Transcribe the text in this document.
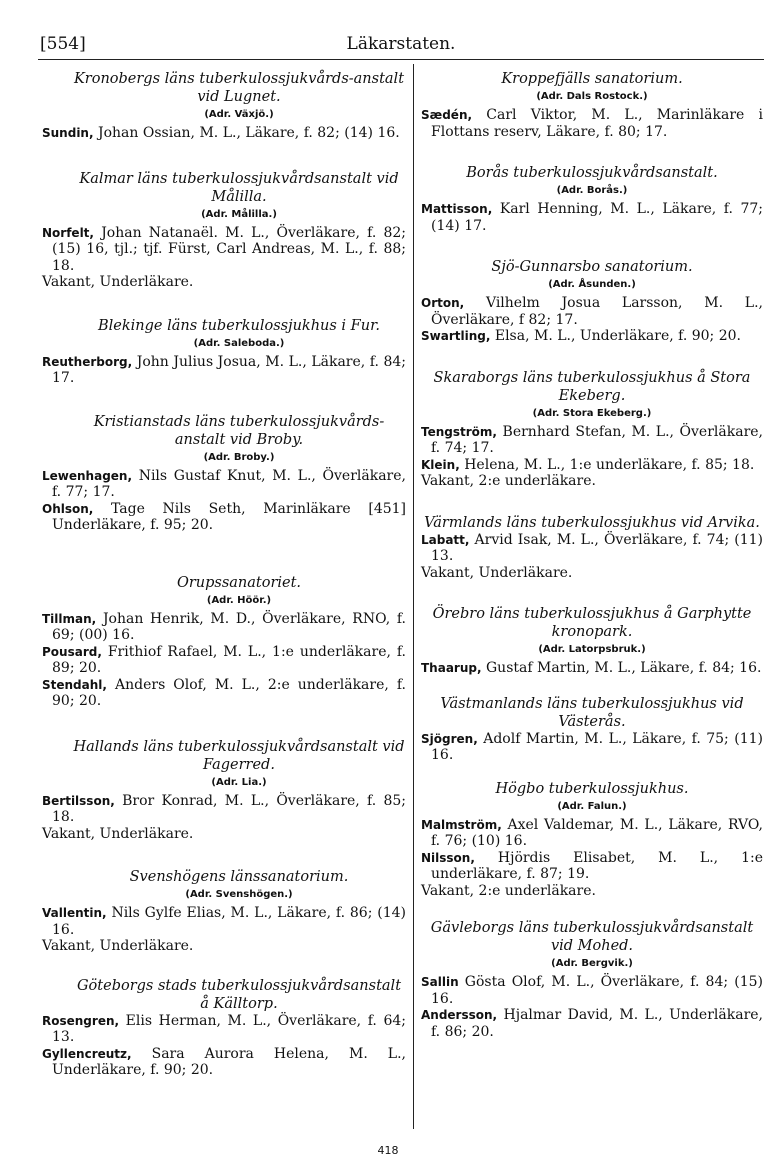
[554]	Läkarstaten.

Kronobergs läns tuberkulossjukvårds-anstalt vid Lugnet.

(Adr. Växjö.)

Sundin, Johan Ossian, M. L., Läkare, f. 82; (14) 16.

Kalmar läns tuberkulossjukvårdsanstalt vid Målilla.

(Adr. Målilla.)

Norfelt, Johan Natanaël. M. L., Överläkare, f. 82; (15) 16, tjl.; tjf. Fürst, Carl Andreas, M. L., f. 88; 18.

Vakant, Underläkare.

Blekinge läns tuberkulossjukhus i Fur.

(Adr. Saleboda.)

Reutherborg, John Julius Josua, M. L., Läkare, f. 84; 17.

Kristianstads läns tuberkulossjukvårds-anstalt vid Broby.

(Adr. Broby.)

Lewenhagen, Nils Gustaf Knut, M. L., Överläkare, f. 77; 17.

Ohlson, Tage Nils Seth, Marinläkare [451] Underläkare, f. 95; 20.

Orupssanatoriet.

(Adr. Höör.)

Tillman, Johan Henrik, M. D., Överläkare, RNO, f. 69; (00) 16.

Pousard, Frithiof Rafael, M. L., 1:e underläkare, f. 89; 20.

Stendahl, Anders Olof, M. L., 2:e underläkare, f. 90; 20.

Hallands läns tuberkulossjukvårdsanstalt vid Fagerred.

(Adr. Lia.)

Bertilsson, Bror Konrad, M. L., Överläkare, f. 85; 18.

Vakant, Underläkare.

Svenshögens länssanatorium.

(Adr. Svenshögen.)

Vallentin, Nils Gylfe Elias, M. L., Läkare, f. 86; (14) 16.

Vakant, Underläkare.

Göteborgs stads tuberkulossjukvårdsanstalt å Källtorp.

Rosengren, Elis Herman, M. L., Överläkare, f. 64; 13.

Gyllencreutz, Sara Aurora Helena, M. L., Underläkare, f. 90; 20.

Kroppefjälls sanatorium.

(Adr. Dals Rostock.)

Sædén, Carl Viktor, M. L., Marinläkare i Flottans reserv, Läkare, f. 80; 17.

Borås tuberkulossjukvårdsanstalt.

(Adr. Borås.)

Mattisson, Karl Henning, M. L., Läkare, f. 77; (14) 17.

Sjö-Gunnarsbo sanatorium.

(Adr. Åsunden.)

Orton, Vilhelm Josua Larsson, M. L., Överläkare, f 82; 17.

Swartling, Elsa, M. L., Underläkare, f. 90; 20.

Skaraborgs läns tuberkulossjukhus å Stora Ekeberg.

(Adr. Stora Ekeberg.)

Tengström, Bernhard Stefan, M. L., Överläkare, f. 74; 17.

Klein, Helena, M. L., 1:e underläkare, f. 85; 18.

Vakant, 2:e underläkare.

Värmlands läns tuberkulossjukhus vid Arvika.

Labatt, Arvid Isak, M. L., Överläkare, f. 74; (11) 13.

Vakant, Underläkare.

Örebro läns tuberkulossjukhus å Garphytte kronopark.

(Adr. Latorpsbruk.)

Thaarup, Gustaf Martin, M. L., Läkare, f. 84; 16.

Västmanlands läns tuberkulossjukhus vid Västerås.

Sjögren, Adolf Martin, M. L., Läkare, f. 75; (11) 16.

Högbo tuberkulossjukhus.

(Adr. Falun.)

Malmström, Axel Valdemar, M. L., Läkare, RVO, f. 76; (10) 16.

Nilsson, Hjördis Elisabet, M. L., 1:e underläkare, f. 87; 19.

Vakant, 2:e underläkare.

Gävleborgs läns tuberkulossjukvårdsanstalt vid Mohed.

(Adr. Bergvik.)

Sallin Gösta Olof, M. L., Överläkare, f. 84; (15) 16.

Andersson, Hjalmar David, M. L., Underläkare, f. 86; 20.

418
